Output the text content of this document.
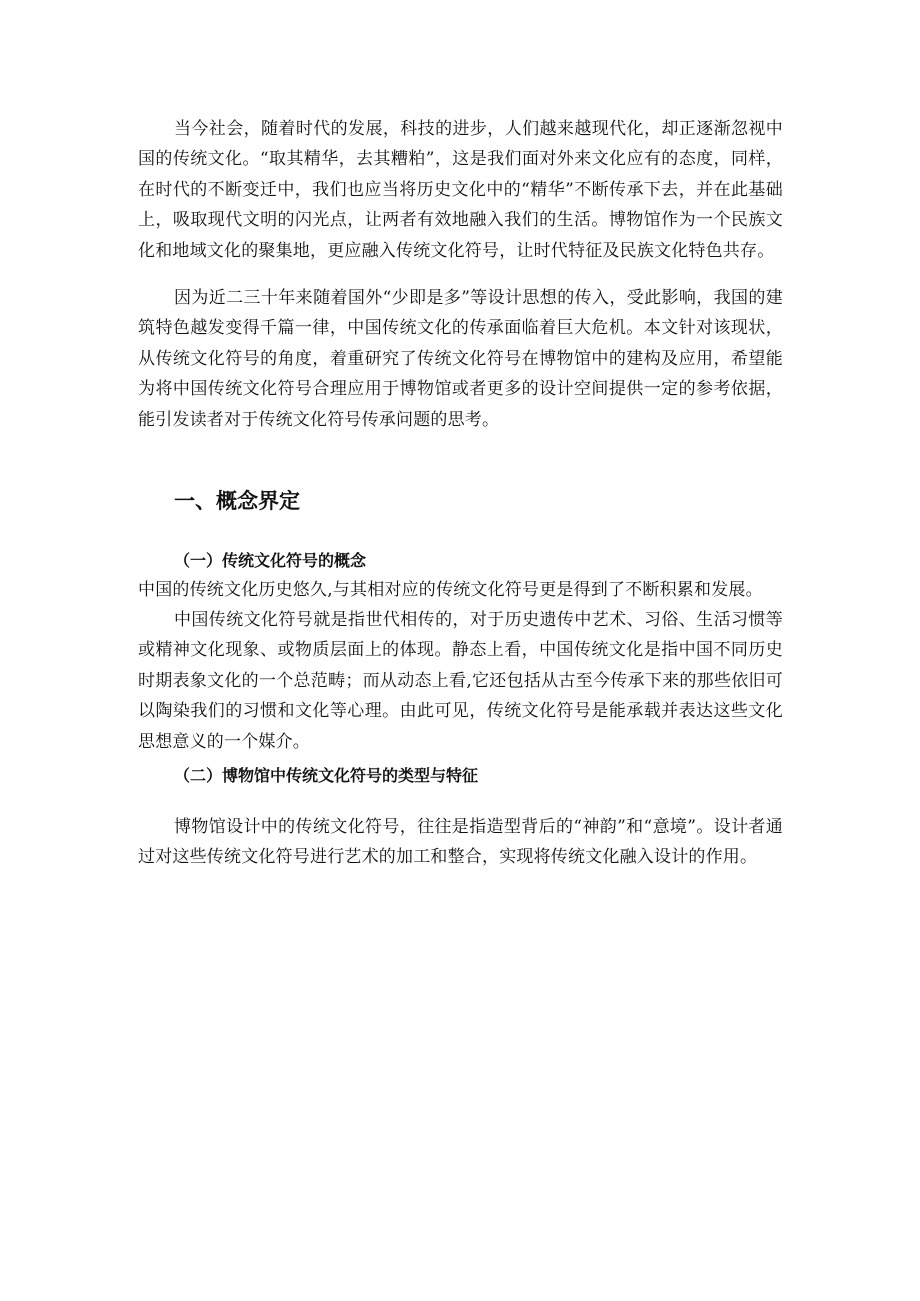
当今社会，随着时代的发展，科技的进步，人们越来越现代化，却正逐渐忽视中国的传统文化。“取其精华，去其糟粕”，这是我们面对外来文化应有的态度，同样，在时代的不断变迁中，我们也应当将历史文化中的“精华”不断传承下去，并在此基础上，吸取现代文明的闪光点，让两者有效地融入我们的生活。博物馆作为一个民族文化和地域文化的聚集地，更应融入传统文化符号，让时代特征及民族文化特色共存。

因为近二三十年来随着国外“少即是多”等设计思想的传入，受此影响，我国的建筑特色越发变得千篇一律，中国传统文化的传承面临着巨大危机。本文针对该现状，从传统文化符号的角度，着重研究了传统文化符号在博物馆中的建构及应用，希望能为将中国传统文化符号合理应用于博物馆或者更多的设计空间提供一定的参考依据，能引发读者对于传统文化符号传承问题的思考。

一、概念界定
（一）传统文化符号的概念

中国的传统文化历史悠久,与其相对应的传统文化符号更是得到了不断积累和发展。

中国传统文化符号就是指世代相传的，对于历史遗传中艺术、习俗、生活习惯等或精神文化现象、或物质层面上的体现。静态上看，中国传统文化是指中国不同历史时期表象文化的一个总范畴；而从动态上看,它还包括从古至今传承下来的那些依旧可以陶染我们的习惯和文化等心理。由此可见，传统文化符号是能承载并表达这些文化思想意义的一个媒介。

（二）博物馆中传统文化符号的类型与特征

博物馆设计中的传统文化符号，往往是指造型背后的“神韵”和“意境”。设计者通过对这些传统文化符号进行艺术的加工和整合，实现将传统文化融入设计的作用。
